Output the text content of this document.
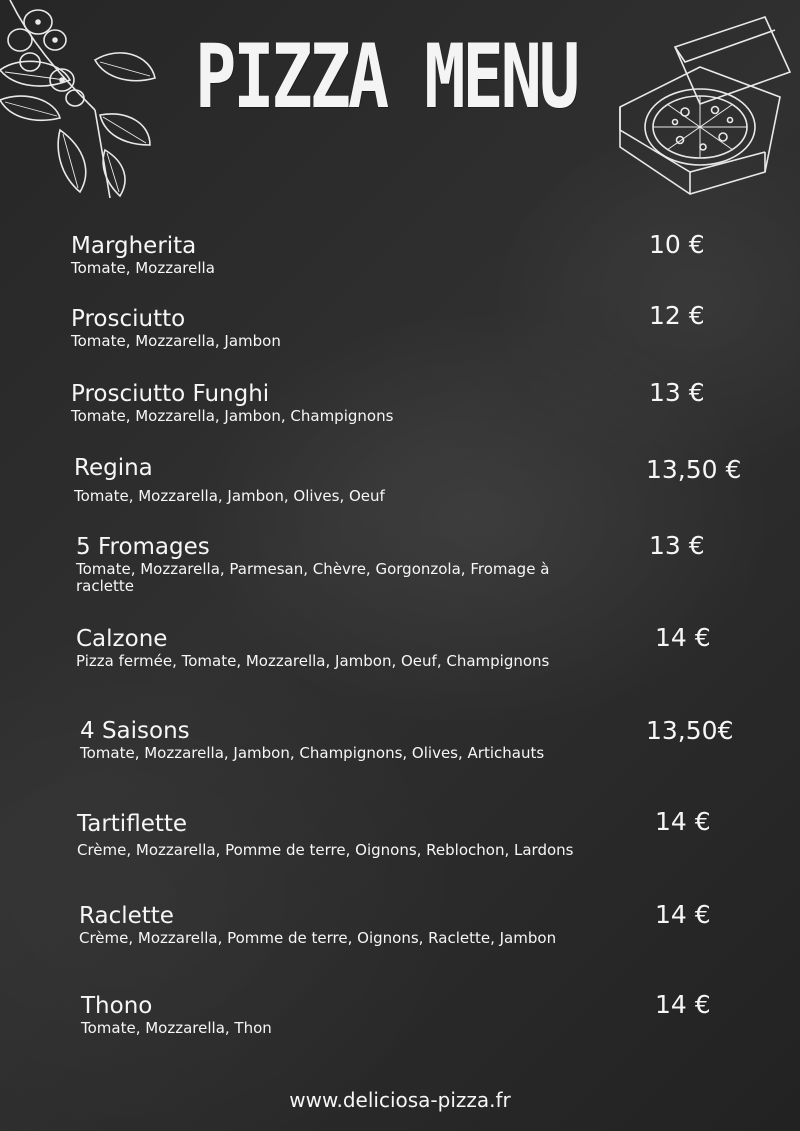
PIZZA MENU
Margherita
Tomate, Mozzarella
10 €
Prosciutto
Tomate, Mozzarella, Jambon
12 €
Prosciutto Funghi
Tomate, Mozzarella, Jambon, Champignons
13 €
Regina
Tomate, Mozzarella, Jambon, Olives, Oeuf
13,50 €
5 Fromages
Tomate, Mozzarella, Parmesan, Chèvre, Gorgonzola, Fromage à raclette
13 €
Calzone
Pizza fermée, Tomate, Mozzarella, Jambon, Oeuf, Champignons
14 €
4 Saisons
Tomate, Mozzarella, Jambon, Champignons, Olives, Artichauts
13,50€
Tartiflette
Crème, Mozzarella, Pomme de terre, Oignons, Reblochon, Lardons
14 €
Raclette
Crème, Mozzarella, Pomme de terre, Oignons, Raclette, Jambon
14 €
Thono
Tomate, Mozzarella, Thon
14 €
www.deliciosa-pizza.fr
